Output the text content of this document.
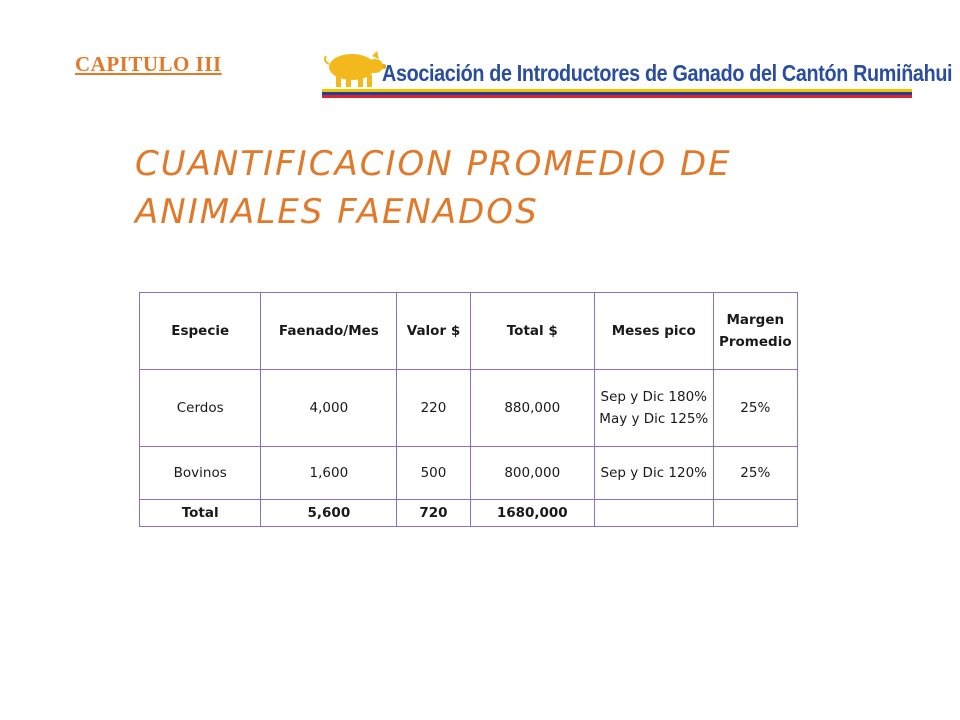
CAPITULO III	Asociación de Introductores de Ganado del Cantón Rumiñahui
CUANTIFICACION PROMEDIO DE ANIMALES FAENADOS
Especie	Faenado/Mes	Valor $	Total $	Meses pico	Margen Promedio
Cerdos	4,000	220	880,000	Sep y Dic 180% May y Dic 125%	25%
Bovinos	1,600	500	800,000	Sep y Dic 120%	25%
Total	5,600	720	1680,000		
